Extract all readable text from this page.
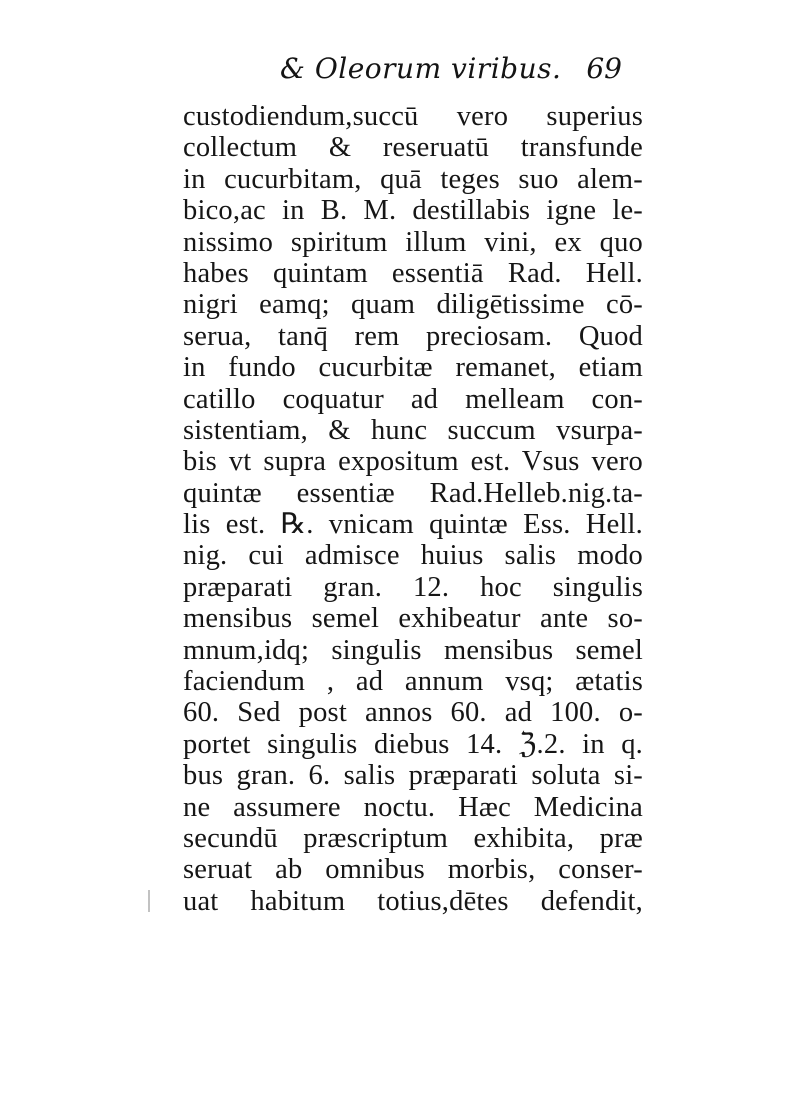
& Oleorum viribus. 69
custodiendum,succū vero superius
collectum & reseruatū transfunde
in cucurbitam, quā teges suo alem-
bico,ac in B. M. destillabis igne le-
nissimo spiritum illum vini, ex quo
habes quintam essentiā Rad. Hell.
nigri eamq; quam diligētissime cō-
serua, tanq̄ rem preciosam. Quod
in fundo cucurbitæ remanet, etiam
catillo coquatur ad melleam con-
sistentiam, & hunc succum vsurpa-
bis vt supra expositum est. Vsus vero
quintæ essentiæ Rad.Helleb.nig.ta-
lis est. ℞. vnicam quintæ Ess. Hell.
nig. cui admisce huius salis modo
præparati gran. 12. hoc singulis
mensibus semel exhibeatur ante so-
mnum,idq; singulis mensibus semel
faciendum , ad annum vsq; ætatis
60. Sed post annos 60. ad 100. o-
portet singulis diebus 14. ℨ.2. in q.
bus gran. 6. salis præparati soluta si-
ne assumere noctu. Hæc Medicina
secundū præscriptum exhibita, præ
seruat ab omnibus morbis, conser-
uat habitum totius,dētes defendit,
